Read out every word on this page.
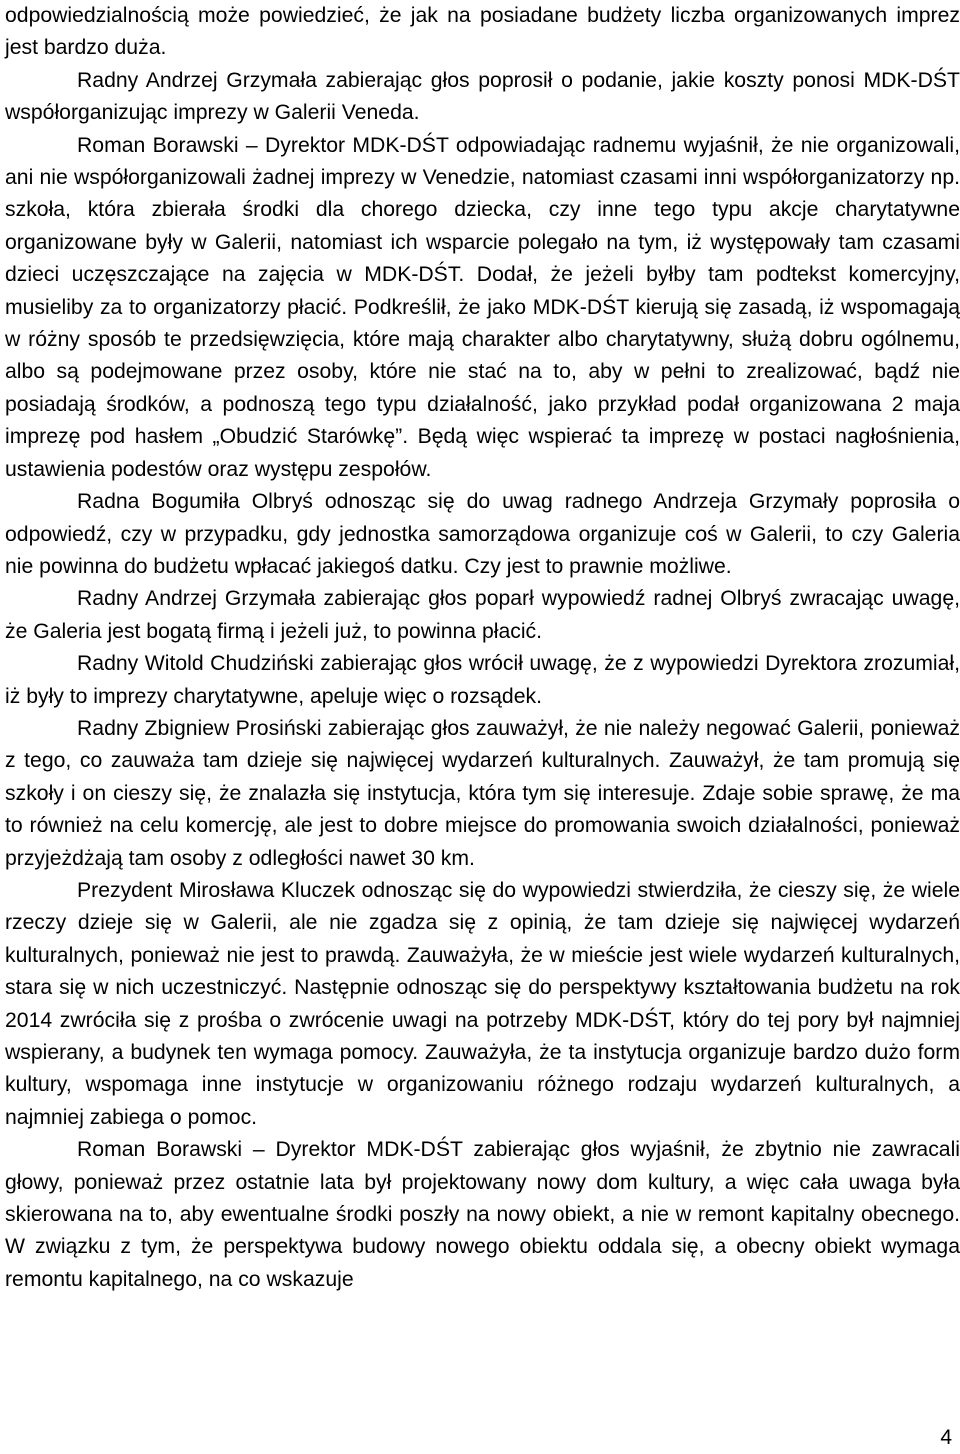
odpowiedzialnością może powiedzieć, że jak na posiadane budżety liczba organizowanych imprez jest bardzo duża.

Radny Andrzej Grzymała zabierając głos poprosił o podanie, jakie koszty ponosi MDK-DŚT współorganizując imprezy w Galerii Veneda.

Roman Borawski – Dyrektor MDK-DŚT odpowiadając radnemu wyjaśnił, że nie organizowali, ani nie współorganizowali żadnej imprezy w Venedzie, natomiast czasami inni współorganizatorzy np. szkoła, która zbierała środki dla chorego dziecka, czy inne tego typu akcje charytatywne organizowane były w Galerii, natomiast ich wsparcie polegało na tym, iż występowały tam czasami dzieci uczęszczające na zajęcia w MDK-DŚT. Dodał, że jeżeli byłby tam podtekst komercyjny, musieliby za to organizatorzy płacić. Podkreślił, że jako MDK-DŚT kierują się zasadą, iż wspomagają w różny sposób te przedsięwzięcia, które mają charakter albo charytatywny, służą dobru ogólnemu, albo są podejmowane przez osoby, które nie stać na to, aby w pełni to zrealizować, bądź nie posiadają środków, a podnoszą tego typu działalność, jako przykład podał organizowana 2 maja imprezę pod hasłem „Obudzić Starówkę”. Będą więc wspierać ta imprezę w postaci nagłośnienia, ustawienia podestów oraz występu zespołów.

Radna Bogumiła Olbryś odnosząc się do uwag radnego Andrzeja Grzymały poprosiła o odpowiedź, czy w przypadku, gdy jednostka samorządowa organizuje coś w Galerii, to czy Galeria nie powinna do budżetu wpłacać jakiegoś datku. Czy jest to prawnie możliwe.

Radny Andrzej Grzymała zabierając głos poparł wypowiedź radnej Olbryś zwracając uwagę, że Galeria jest bogatą firmą i jeżeli już, to powinna płacić.

Radny Witold Chudziński zabierając głos wrócił uwagę, że z wypowiedzi Dyrektora zrozumiał, iż były to imprezy charytatywne, apeluje więc o rozsądek.

Radny Zbigniew Prosiński zabierając głos zauważył, że nie należy negować Galerii, ponieważ z tego, co zauważa tam dzieje się najwięcej wydarzeń kulturalnych. Zauważył, że tam promują się szkoły i on cieszy się, że znalazła się instytucja, która tym się interesuje. Zdaje sobie sprawę, że ma to również na celu komercję, ale jest to dobre miejsce do promowania swoich działalności, ponieważ przyjeżdżają tam osoby z odległości nawet 30 km.

Prezydent Mirosława Kluczek odnosząc się do wypowiedzi stwierdziła, że cieszy się, że wiele rzeczy dzieje się w Galerii, ale nie zgadza się z opinią, że tam dzieje się najwięcej wydarzeń kulturalnych, ponieważ nie jest to prawdą. Zauważyła, że w mieście jest wiele wydarzeń kulturalnych, stara się w nich uczestniczyć. Następnie odnosząc się do perspektywy kształtowania budżetu na rok 2014 zwróciła się z prośba o zwrócenie uwagi na potrzeby MDK-DŚT, który do tej pory był najmniej wspierany, a budynek ten wymaga pomocy. Zauważyła, że ta instytucja organizuje bardzo dużo form kultury, wspomaga inne instytucje w organizowaniu różnego rodzaju wydarzeń kulturalnych, a najmniej zabiega o pomoc.

Roman Borawski – Dyrektor MDK-DŚT zabierając głos wyjaśnił, że zbytnio nie zawracali głowy, ponieważ przez ostatnie lata był projektowany nowy dom kultury, a więc cała uwaga była skierowana na to, aby ewentualne środki poszły na nowy obiekt, a nie w remont kapitalny obecnego. W związku z tym, że perspektywa budowy nowego obiektu oddala się, a obecny obiekt wymaga remontu kapitalnego, na co wskazuje

4
